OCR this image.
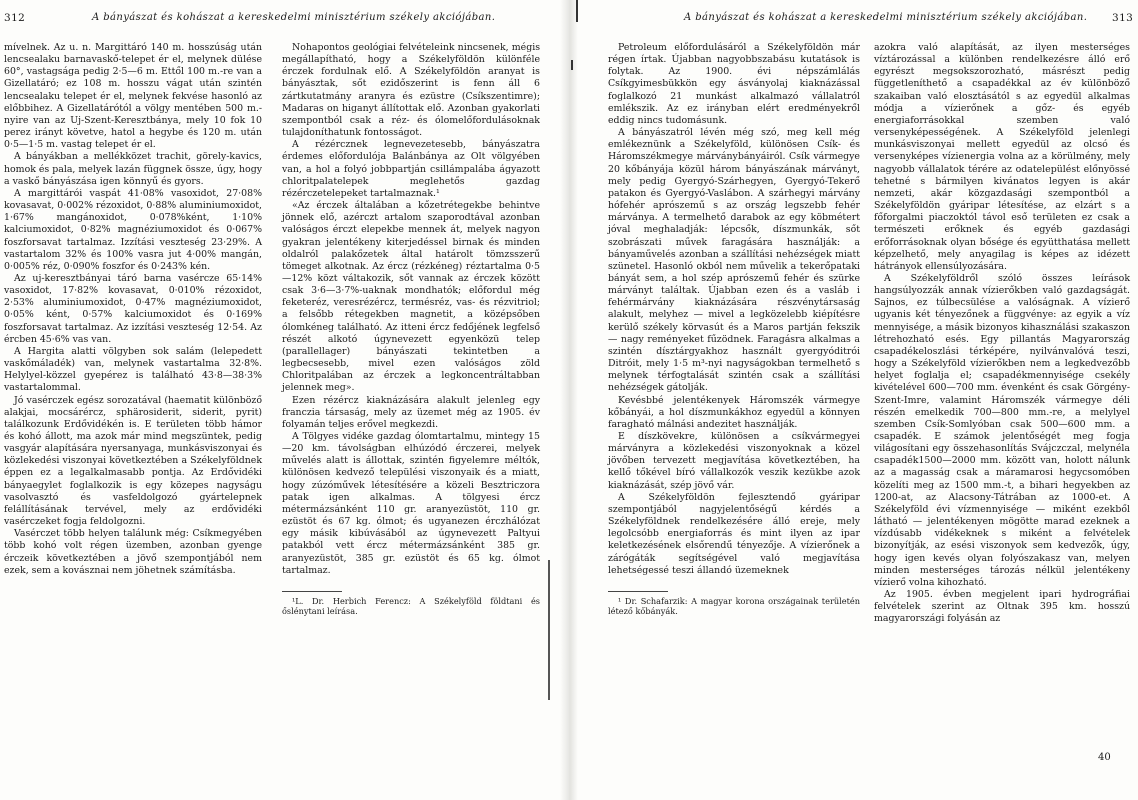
312	A bányászat és kohászat a kereskedelmi minisztérium székely akciójában.

mívelnek. Az u. n. Margittáró 140 m. hosszúság után lencsealaku barnavaskő-telepet ér el, melynek dülése 60°, vastagsága pedig 2·5—6 m. Ettől 100 m.-re van a Gizellatáró; ez 108 m. hosszu vágat után szintén lencsealaku telepet ér el, melynek fekvése hasonló az előbbihez. A Gizellatárótól a völgy mentében 500 m.-nyire van az Uj-Szent-Keresztbánya, mely 10 fok 10 perez irányt követve, hatol a hegybe és 120 m. után 0·5—1·5 m. vastag telepet ér el.

A bányákban a mellékközet trachit, görely-kavics, homok és pala, melyek lazán függnek össze, úgy, hogy a vaskő bányászása igen könnyű és gyors.

A margittárói vaspát 41·08% vasoxidot, 27·08% kovasavat, 0·002% rézoxidot, 0·88% aluminiumoxidot, 1·67% mangánoxidot, 0·078%ként, 1·10% kalciumoxidot, 0·82% magnéziumoxidot és 0·067% foszforsavat tartalmaz. Izzítási veszteség 23·29%. A vastartalom 32% és 100% vasra jut 4·00% mangán, 0·005% réz, 0·090% foszfor és 0·243% kén.

Az uj-keresztbányai táró barna vasércze 65·14% vasoxidot, 17·82% kovasavat, 0·010% rézoxidot, 2·53% aluminiumoxidot, 0·47% magnéziumoxidot, 0·05% ként, 0·57% kalciumoxidot és 0·169% foszforsavat tartalmaz. Az izzítási veszteség 12·54. Az ércben 45·6% vas van.

A Hargita alatti völgyben sok salám (lelepedett vaskőmáladék) van, melynek vastartalma 32·8%. Helylyel-közzel gyepérez is található 43·8—38·3% vastartalommal.

Jó vasérczek egész sorozatával (haematit különböző alakjai, mocsárércz, sphärosiderit, siderit, pyrit) találkozunk Erdővidékén is. E területen több hámor és kohó állott, ma azok már mind megszüntek, pedig vasgyár alapítására nyersanyaga, munkásviszonyai és közlekedési viszonyai következtében a Székelyföldnek éppen ez a legalkalmasabb pontja. Az Erdővidéki bányaegylet foglalkozik is egy közepes nagyságu vasolvasztó és vasfeldolgozó gyártelepnek felállításának tervével, mely az erdővidéki vasérczeket fogja feldolgozni.

Vasérczet több helyen találunk még: Csíkmegyében több kohó volt régen üzemben, azonban gyenge érczeik következtében a jövő szempontjából nem ezek, sem a kovásznai nem jöhetnek számításba.

Nohapontos geológiai felvételeink nincsenek, mégis megállapítható, hogy a Székelyföldön különféle érczek fordulnak elő. A Székelyföldön aranyat is bányásztak, sőt ezidőszerint is fenn áll 6 zártkutatmány aranyra és ezüstre (Csíkszentimre); Madaras on higanyt állítottak elő. Azonban gyakorlati szempontból csak a réz- és ólomelőfordulásoknak tulajdoníthatunk fontosságot.

A rézércznek legnevezetesebb, bányászatra érdemes előfordulója Balánbánya az Olt völgyében van, a hol a folyó jobbpartján csillámpalába ágyazott chloritpalatelepek meglehetős gazdag rézérczetelepeket tartalmaznak.¹

«Az érczek általában a kőzetrétegekbe behintve jönnek elő, azérczt artalom szaporodtával azonban valóságos érczt elepekbe mennek át, melyek nagyon gyakran jelentékeny kiterjedéssel birnak és minden oldalról palakőzetek által határolt tömzsszerű tömeget alkotnak. Az ércz (rézkéneg) réztartalma 0·5—12% közt váltakozik, sőt vannak az érczek között csak 3·6—3·7%-uaknak mondhatók; előfordul még feketeréz, veresrézércz, termésréz, vas- és rézvitriol; a felsőbb rétegekben magnetit, a középsőben ólomkéneg található. Az itteni ércz fedőjének legfelső részét alkotó úgynevezett egyenközü telep (parallellager) bányászati tekintetben a legbecsesebb, mivel ezen valóságos zöld Chloritpalában az érczek a legkoncentráltabban jelennek meg».

Ezen rézércz kiaknázására alakult jelenleg egy franczia társaság, mely az üzemet még az 1905. év folyamán teljes erővel megkezdi.

A Tölgyes vidéke gazdag ólomtartalmu, mintegy 15—20 km. távolságban elhúzódó érczerei, melyek művelés alatt is állottak, szintén figyelemre méltók, különösen kedvező települési viszonyaik és a miatt, hogy zúzóművek létesítésére a közeli Besztriczora patak igen alkalmas. A tölgyesi ércz métermázsánként 110 gr. aranyezüstöt, 110 gr. ezüstöt és 67 kg. ólmot; és ugyanezen érczhálózat egy másik kibúvásából az úgynevezett Paltyui patakból vett ércz métermázsánként 385 gr. aranyezüstöt, 385 gr. ezüstöt és 65 kg. ólmot tartalmaz.

¹L. Dr. Herbich Ferencz: A Székelyföld földtani és őslénytani leírása.

A bányászat és kohászat a kereskedelmi minisztérium székely akciójában. 313

Petroleum előfordulásáról a Székelyföldön már régen írtak. Újabban nagyobbszabásu kutatások is folytak. Az 1900. évi népszámlálás Csíkgyimesbükkön egy ásványolaj kiaknázással foglalkozó 21 munkást alkalmazó vállalatról emlékszik. Az ez irányban elért eredményekről eddig nincs tudomásunk.

A bányászatról lévén még szó, meg kell még emlékeznünk a Székelyföld, különösen Csík- és Háromszékmegye márványbányáiról. Csík vármegye 20 kőbányája közül három bányászának márványt, mely pedig Gyergyó-Szárhegyen, Gyergyó-Tekerő patakon és Gyergyó-Vaslábon. A szárhegyi márvány hófehér aprószemű s az ország legszebb fehér márványa. A termelhető darabok az egy köbmétert jóval meghaladják: lépcsők, díszmunkák, sőt szobrászati művek faragására használják: a bányaművelés azonban a szállítási nehézségek miatt szünetel. Hasonló okból nem művelik a tekerőpataki bányát sem, a hol szép aprószemű fehér és szürke márványt találtak. Újabban ezen és a vasláb i fehérmárvány kiaknázására részvénytársaság alakult, melyhez — mivel a legközelebb kiépítésre kerülő székely körvasút és a Maros partján fekszik — nagy reményeket fűzödnek. Faragásra alkalmas a szintén dísztárgyakhoz használt gyergyóditrói Ditróit, mely 1·5 m³-nyi nagyságokban termelhető s melynek térfogtalását szintén csak a szállítási nehézségek gátolják.

Kevésbbé jelentékenyek Háromszék vármegye kőbányái, a hol díszmunkákhoz egyedül a könnyen faragható málnási andezitet használják.

E díszkövekre, különösen a csíkvármegyei márványra a közlekedési viszonyoknak a közel jövőben tervezett megjavítása következtében, ha kellő tőkével bíró vállalkozók veszik kezükbe azok kiaknázását, szép jövő vár.

A Székelyföldön fejlesztendő gyáripar szempontjából nagyjelentőségű kérdés a Székelyföldnek rendelkezésére álló ereje, mely legolcsóbb energiaforrás és mint ilyen az ipar keletkezésének elsőrendű tényezője. A vízierőnek a zárógáták segítségével való megjavítása lehetségessé teszi állandó üzemeknek

¹ Dr. Schafarzik: A magyar korona országainak területén létező kőbányák.

azokra való alapítását, az ilyen mesterséges víztározással a különben rendelkezésre álló erő egyrészt megsokszorozható, másrészt pedig függetleníthető a csapadékkal az év különböző szakaiban való elosztásától s az egyedül alkalmas módja a vízierőnek a gőz- és egyéb energiaforrásokkal szemben való versenyképességének. A Székelyföld jelenlegi munkásviszonyai mellett egyedül az olcsó és versenyképes vízienergia volna az a körülmény, mely nagyobb vállalatok térére az odatelepülést előnyössé tehetné s bármilyen kivánatos legyen is akár nemzeti, akár közgazdasági szempontból a Székelyföldön gyáripar létesítése, az elzárt s a főforgalmi piaczoktól távol eső területen ez csak a természeti erőknek és egyéb gazdasági erőforrásoknak olyan bősége és együtthatása mellett képzelhető, mely anyagilag is képes az idézett hátrányok ellensúlyozására.

A Székelyföldről szóló összes leírások hangsúlyozzák annak vízierőkben való gazdagságát. Sajnos, ez túlbecsülése a valóságnak. A vízierő ugyanis két tényezőnek a függvénye: az egyik a víz mennyisége, a másik bizonyos kihasználási szakaszon létrehozható esés. Egy pillantás Magyarország csapadékeloszlási térképére, nyilvánvalóvá teszi, hogy a Székelyföld vízierőkben nem a legkedvezőbb helyet foglalja el; csapadékmennyisége csekély kivételével 600—700 mm. évenként és csak Görgény-Szent-Imre, valamint Háromszék vármegye déli részén emelkedik 700—800 mm.-re, a melylyel szemben Csík-Somlyóban csak 500—600 mm. a csapadék. E számok jelentőségét meg fogja világosítani egy összehasonlítás Svájczczal, melynéla csapadék1500—2000 mm. között van, holott nálunk az a magasság csak a máramarosi hegycsomóben közelíti meg az 1500 mm.-t, a bihari hegyekben az 1200-at, az Alacsony-Tátrában az 1000-et. A Székelyföld évi vízmennyisége — miként ezekből látható — jelentékenyen mögötte marad ezeknek a vízdúsabb vidékeknek s miként a felvételek bizonyítják, az esési viszonyok sem kedvezők, úgy, hogy igen kevés olyan folyószakasz van, melyen minden mesterséges tározás nélkül jelentékeny vízierő volna kihozható.

Az 1905. évben megjelent ipari hydrográfiai felvételek szerint az Oltnak 395 km. hosszú magyarországi folyásán az

40
